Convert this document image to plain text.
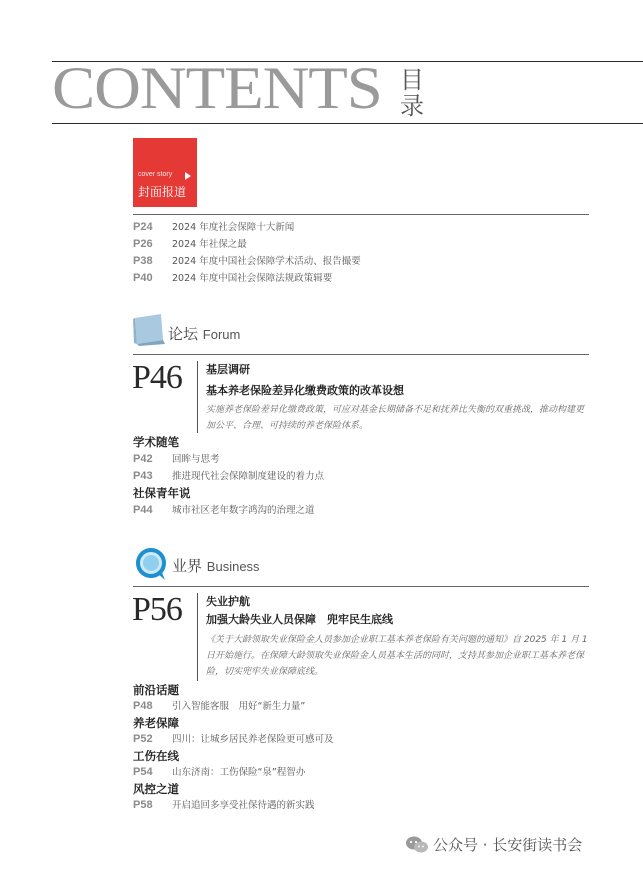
CONTENTS 目
录
cover story
封面报道
P24 2024 年度社会保障十大新闻
P26 2024 年社保之最
P38 2024 年度中国社会保障学术活动、报告撮要
P40 2024 年度中国社会保障法规政策辑要
论坛 Forum
P46 基层调研
基本养老保险差异化缴费政策的改革设想
实施养老保险差异化缴费政策，可应对基金长期储备不足和抚养比失衡的双重挑战，推动构建更加公平、合理、可持续的养老保险体系。
学术随笔
P42 回眸与思考
P43 推进现代社会保障制度建设的着力点
社保青年说
P44 城市社区老年数字鸿沟的治理之道
业界 Business
P56 失业护航
加强大龄失业人员保障　兜牢民生底线
《关于大龄领取失业保险金人员参加企业职工基本养老保险有关问题的通知》自 2025 年 1 月 1 日开始施行。在保障大龄领取失业保险金人员基本生活的同时，支持其参加企业职工基本养老保险，切实兜牢失业保障底线。
前沿话题
P48 引入智能客服　用好“新生力量”
养老保障
P52 四川：让城乡居民养老保险更可感可及
工伤在线
P54 山东济南：工伤保险“泉”程智办
风控之道
P58 开启追回多享受社保待遇的新实践
公众号 · 长安街读书会
